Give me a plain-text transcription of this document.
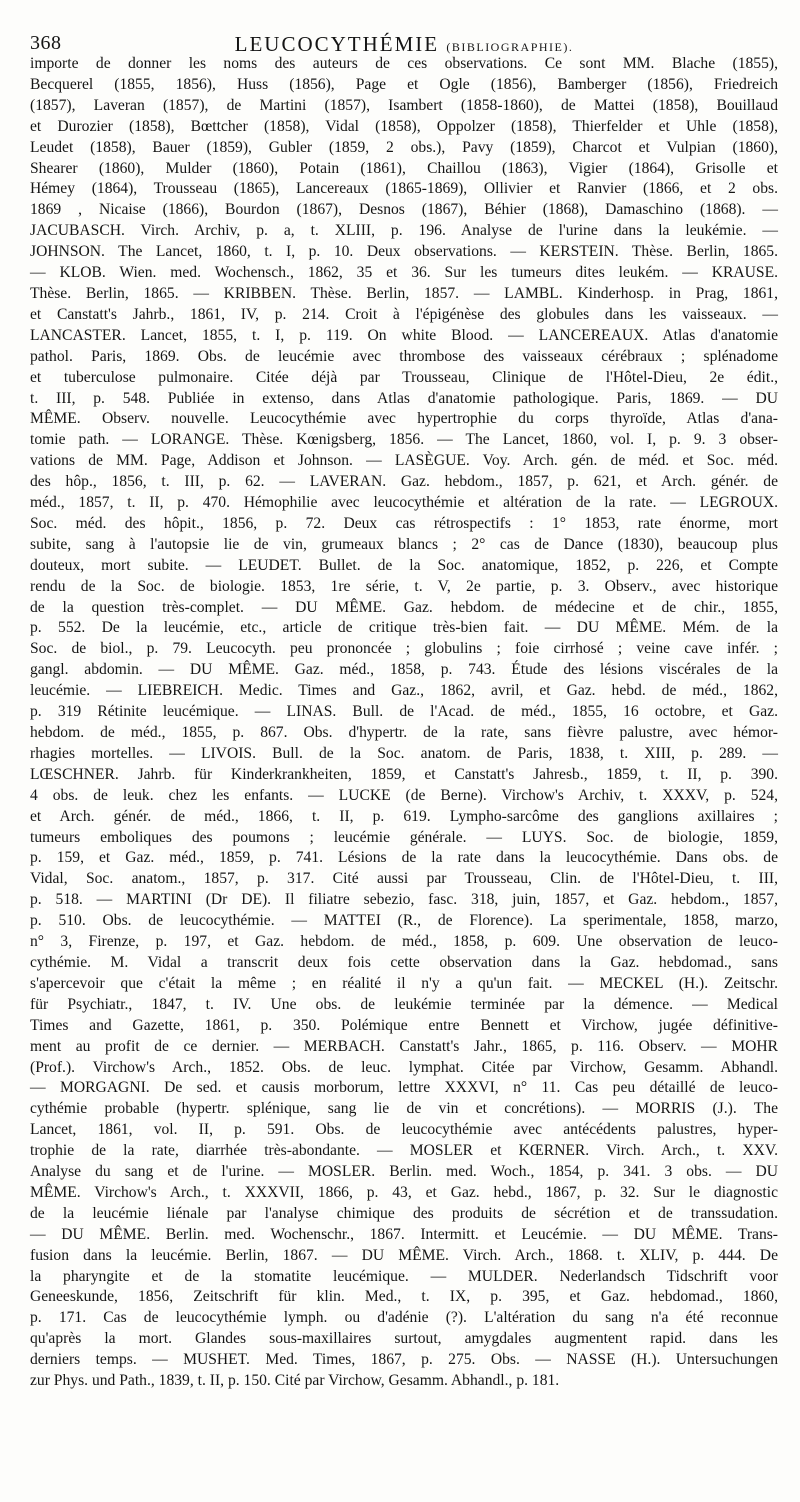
368	LEUCOCYTHÉMIE (BIBLIOGRAPHIE).
importe de donner les noms des auteurs de ces observations. Ce sont MM. Blache (1855),
Becquerel (1855, 1856), Huss (1856), Page et Ogle (1856), Bamberger (1856), Friedreich
(1857), Laveran (1857), de Martini (1857), Isambert (1858-1860), de Mattei (1858), Bouillaud
et Durozier (1858), Bœttcher (1858), Vidal (1858), Oppolzer (1858), Thierfelder et Uhle (1858),
Leudet (1858), Bauer (1859), Gubler (1859, 2 obs.), Pavy (1859), Charcot et Vulpian (1860),
Shearer (1860), Mulder (1860), Potain (1861), Chaillou (1863), Vigier (1864), Grisolle et
Hémey (1864), Trousseau (1865), Lancereaux (1865-1869), Ollivier et Ranvier (1866, et 2 obs.
1869 , Nicaise (1866), Bourdon (1867), Desnos (1867), Béhier (1868), Damaschino (1868). —
JACUBASCH. Virch. Archiv, p. a, t. XLIII, p. 196. Analyse de l'urine dans la leukémie. —
JOHNSON. The Lancet, 1860, t. I, p. 10. Deux observations. — KERSTEIN. Thèse. Berlin, 1865.
— KLOB. Wien. med. Wochensch., 1862, 35 et 36. Sur les tumeurs dites leukém. — KRAUSE.
Thèse. Berlin, 1865. — KRIBBEN. Thèse. Berlin, 1857. — LAMBL. Kinderhosp. in Prag, 1861,
et Canstatt's Jahrb., 1861, IV, p. 214. Croit à l'épigénèse des globules dans les vaisseaux. —
LANCASTER. Lancet, 1855, t. I, p. 119. On white Blood. — LANCEREAUX. Atlas d'anatomie
pathol. Paris, 1869. Obs. de leucémie avec thrombose des vaisseaux cérébraux ; splénadome
et tuberculose pulmonaire. Citée déjà par Trousseau, Clinique de l'Hôtel-Dieu, 2e édit.,
t. III, p. 548. Publiée in extenso, dans Atlas d'anatomie pathologique. Paris, 1869. — DU
MÊME. Observ. nouvelle. Leucocythémie avec hypertrophie du corps thyroïde, Atlas d'ana-
tomie path. — LORANGE. Thèse. Kœnigsberg, 1856. — The Lancet, 1860, vol. I, p. 9. 3 obser-
vations de MM. Page, Addison et Johnson. — LASÈGUE. Voy. Arch. gén. de méd. et Soc. méd.
des hôp., 1856, t. III, p. 62. — LAVERAN. Gaz. hebdom., 1857, p. 621, et Arch. génér. de
méd., 1857, t. II, p. 470. Hémophilie avec leucocythémie et altération de la rate. — LEGROUX.
Soc. méd. des hôpit., 1856, p. 72. Deux cas rétrospectifs : 1° 1853, rate énorme, mort
subite, sang à l'autopsie lie de vin, grumeaux blancs ; 2° cas de Dance (1830), beaucoup plus
douteux, mort subite. — LEUDET. Bullet. de la Soc. anatomique, 1852, p. 226, et Compte
rendu de la Soc. de biologie. 1853, 1re série, t. V, 2e partie, p. 3. Observ., avec historique
de la question très-complet. — DU MÊME. Gaz. hebdom. de médecine et de chir., 1855,
p. 552. De la leucémie, etc., article de critique très-bien fait. — DU MÊME. Mém. de la
Soc. de biol., p. 79. Leucocyth. peu prononcée ; globulins ; foie cirrhosé ; veine cave infér. ;
gangl. abdomin. — DU MÊME. Gaz. méd., 1858, p. 743. Étude des lésions viscérales de la
leucémie. — LIEBREICH. Medic. Times and Gaz., 1862, avril, et Gaz. hebd. de méd., 1862,
p. 319 Rétinite leucémique. — LINAS. Bull. de l'Acad. de méd., 1855, 16 octobre, et Gaz.
hebdom. de méd., 1855, p. 867. Obs. d'hypertr. de la rate, sans fièvre palustre, avec hémor-
rhagies mortelles. — LIVOIS. Bull. de la Soc. anatom. de Paris, 1838, t. XIII, p. 289. —
LŒSCHNER. Jahrb. für Kinderkrankheiten, 1859, et Canstatt's Jahresb., 1859, t. II, p. 390.
4 obs. de leuk. chez les enfants. — LUCKE (de Berne). Virchow's Archiv, t. XXXV, p. 524,
et Arch. génér. de méd., 1866, t. II, p. 619. Lympho-sarcôme des ganglions axillaires ;
tumeurs emboliques des poumons ; leucémie générale. — LUYS. Soc. de biologie, 1859,
p. 159, et Gaz. méd., 1859, p. 741. Lésions de la rate dans la leucocythémie. Dans obs. de
Vidal, Soc. anatom., 1857, p. 317. Cité aussi par Trousseau, Clin. de l'Hôtel-Dieu, t. III,
p. 518. — MARTINI (Dr DE). Il filiatre sebezio, fasc. 318, juin, 1857, et Gaz. hebdom., 1857,
p. 510. Obs. de leucocythémie. — MATTEI (R., de Florence). La sperimentale, 1858, marzo,
n° 3, Firenze, p. 197, et Gaz. hebdom. de méd., 1858, p. 609. Une observation de leuco-
cythémie. M. Vidal a transcrit deux fois cette observation dans la Gaz. hebdomad., sans
s'apercevoir que c'était la même ; en réalité il n'y a qu'un fait. — MECKEL (H.). Zeitschr.
für Psychiatr., 1847, t. IV. Une obs. de leukémie terminée par la démence. — Medical
Times and Gazette, 1861, p. 350. Polémique entre Bennett et Virchow, jugée définitive-
ment au profit de ce dernier. — MERBACH. Canstatt's Jahr., 1865, p. 116. Observ. — MOHR
(Prof.). Virchow's Arch., 1852. Obs. de leuc. lymphat. Citée par Virchow, Gesamm. Abhandl.
— MORGAGNI. De sed. et causis morborum, lettre XXXVI, n° 11. Cas peu détaillé de leuco-
cythémie probable (hypertr. splénique, sang lie de vin et concrétions). — MORRIS (J.). The
Lancet, 1861, vol. II, p. 591. Obs. de leucocythémie avec antécédents palustres, hyper-
trophie de la rate, diarrhée très-abondante. — MOSLER et KŒRNER. Virch. Arch., t. XXV.
Analyse du sang et de l'urine. — MOSLER. Berlin. med. Woch., 1854, p. 341. 3 obs. — DU
MÊME. Virchow's Arch., t. XXXVII, 1866, p. 43, et Gaz. hebd., 1867, p. 32. Sur le diagnostic
de la leucémie liénale par l'analyse chimique des produits de sécrétion et de transsudation.
— DU MÊME. Berlin. med. Wochenschr., 1867. Intermitt. et Leucémie. — DU MÊME. Trans-
fusion dans la leucémie. Berlin, 1867. — DU MÊME. Virch. Arch., 1868. t. XLIV, p. 444. De
la pharyngite et de la stomatite leucémique. — MULDER. Nederlandsch Tidschrift voor
Geneeskunde, 1856, Zeitschrift für klin. Med., t. IX, p. 395, et Gaz. hebdomad., 1860,
p. 171. Cas de leucocythémie lymph. ou d'adénie (?). L'altération du sang n'a été reconnue
qu'après la mort. Glandes sous-maxillaires surtout, amygdales augmentent rapid. dans les
derniers temps. — MUSHET. Med. Times, 1867, p. 275. Obs. — NASSE (H.). Untersuchungen
zur Phys. und Path., 1839, t. II, p. 150. Cité par Virchow, Gesamm. Abhandl., p. 181.
